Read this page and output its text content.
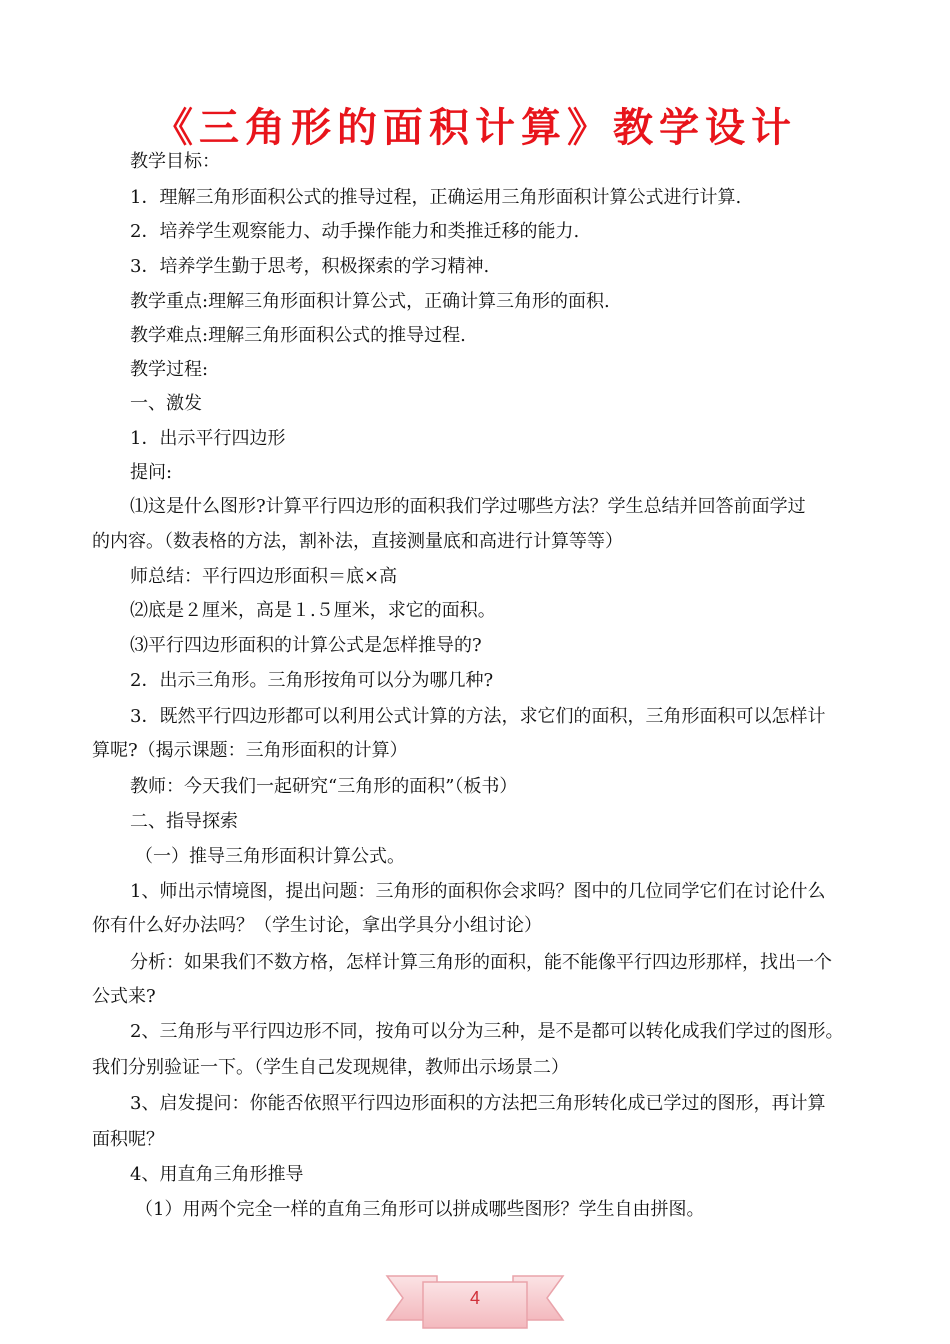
《三角形的面积计算》教学设计
教学目标：
1．理解三角形面积公式的推导过程，正确运用三角形面积计算公式进行计算.
2．培养学生观察能力、动手操作能力和类推迁移的能力.
3．培养学生勤于思考，积极探索的学习精神.
教学重点:理解三角形面积计算公式，正确计算三角形的面积.
教学难点:理解三角形面积公式的推导过程.
教学过程:
一、激发
1．出示平行四边形
提问:
⑴这是什么图形?计算平行四边形的面积我们学过哪些方法？学生总结并回答前面学过
的内容。（数表格的方法，割补法，直接测量底和高进行计算等等）
师总结：平行四边形面积＝底×高
⑵底是２厘米，高是１.５厘米，求它的面积。
⑶平行四边形面积的计算公式是怎样推导的?
2．出示三角形。三角形按角可以分为哪几种?
3．既然平行四边形都可以利用公式计算的方法，求它们的面积，三角形面积可以怎样计
算呢?（揭示课题：三角形面积的计算）
教师：今天我们一起研究“三角形的面积”（板书）
二、指导探索
（一）推导三角形面积计算公式。
1、师出示情境图，提出问题：三角形的面积你会求吗？图中的几位同学它们在讨论什么
你有什么好办法吗？（学生讨论，拿出学具分小组讨论）
分析：如果我们不数方格，怎样计算三角形的面积，能不能像平行四边形那样，找出一个
公式来?
2、三角形与平行四边形不同，按角可以分为三种，是不是都可以转化成我们学过的图形。
我们分别验证一下。（学生自己发现规律，教师出示场景二）
3、启发提问：你能否依照平行四边形面积的方法把三角形转化成已学过的图形，再计算
面积呢？
4、用直角三角形推导
（1）用两个完全一样的直角三角形可以拼成哪些图形？学生自由拼图。
4
